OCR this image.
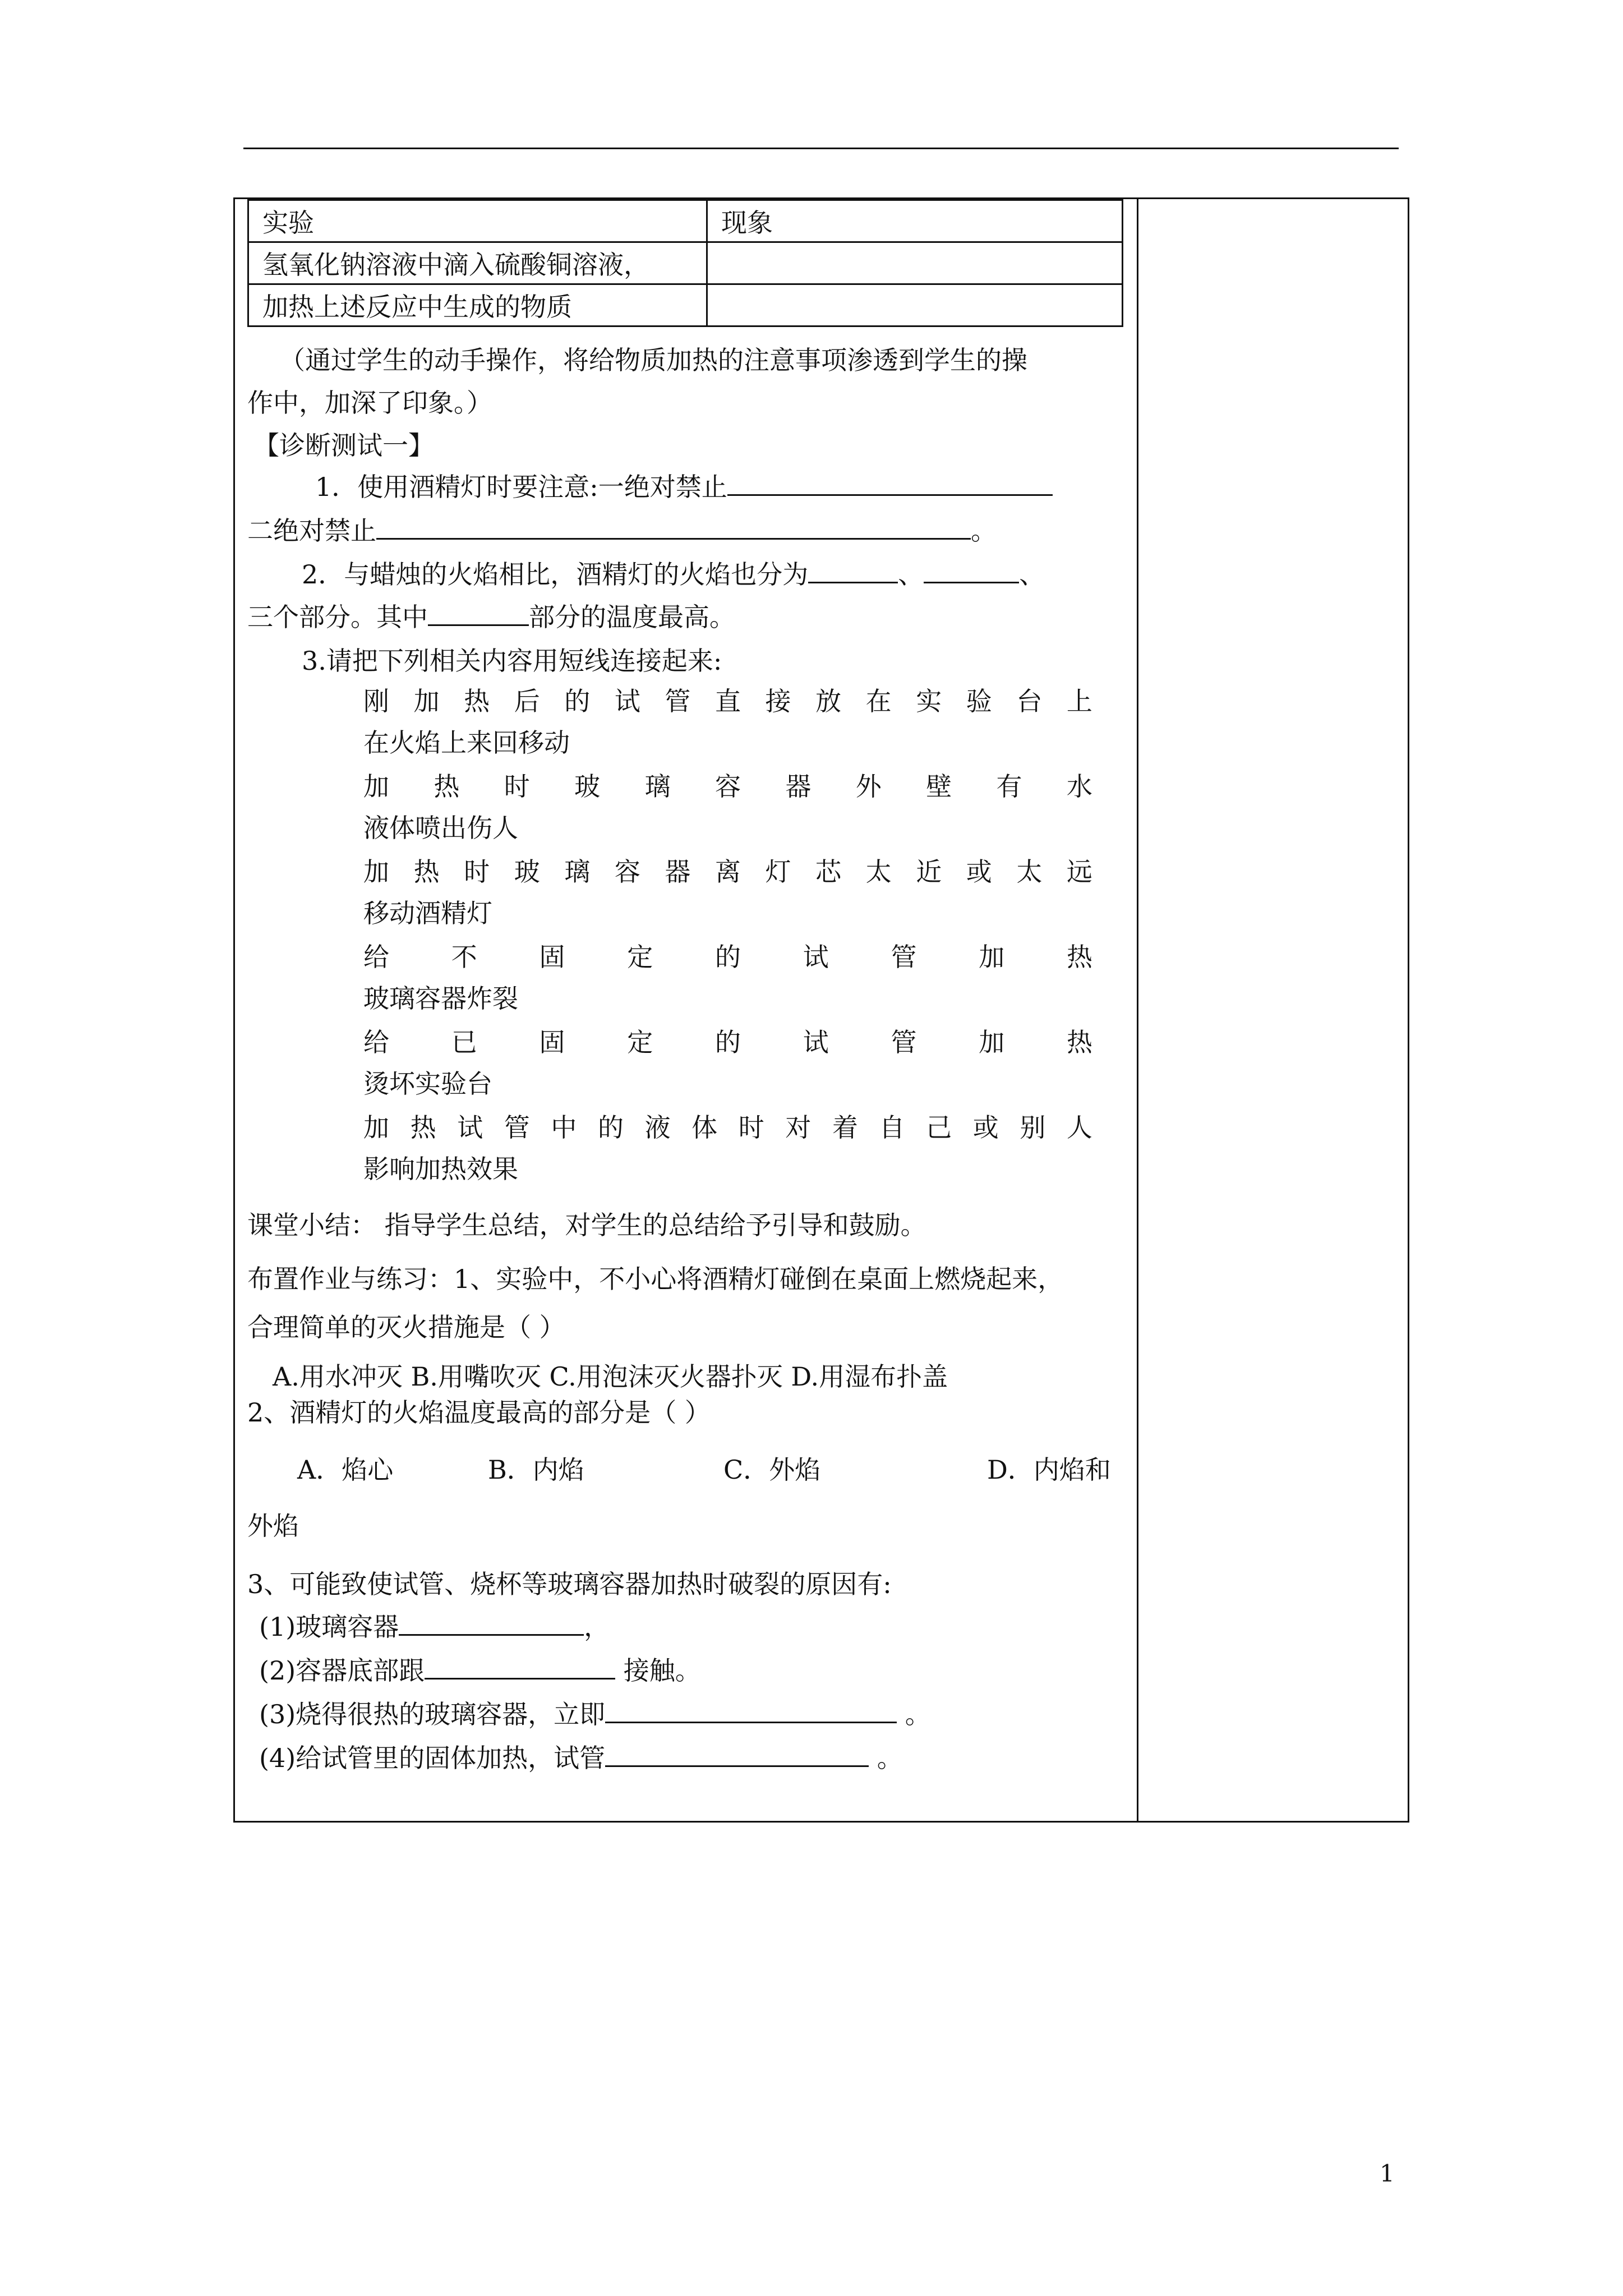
实验	现象
氢氧化钠溶液中滴入硫酸铜溶液，	
加热上述反应中生成的物质	
（通过学生的动手操作，将给物质加热的注意事项渗透到学生的操
作中，加深了印象。）
【诊断测试一】
1．使用酒精灯时要注意:一绝对禁止
二绝对禁止	。
2．与蜡烛的火焰相比，酒精灯的火焰也分为	、	、
三个部分。其中	部分的温度最高。
3.请把下列相关内容用短线连接起来:
刚 加 热 后 的 试 管 直 接 放 在 实 验 台 上
在火焰上来回移动
加 热 时 玻 璃 容 器 外 壁 有 水
液体喷出伤人
加 热 时 玻 璃 容 器 离 灯 芯 太 近 或 太 远
移动酒精灯
给 不 固 定 的 试 管 加 热
玻璃容器炸裂
给 已 固 定 的 试 管 加 热
烫坏实验台
加 热 试 管 中 的 液 体 时 对 着 自 己 或 别 人
影响加热效果
课堂小结： 指导学生总结，对学生的总结给予引导和鼓励。
布置作业与练习：1、实验中，不小心将酒精灯碰倒在桌面上燃烧起来，
合理简单的灭火措施是（ ）
A.用水冲灭 B.用嘴吹灭 C.用泡沫灭火器扑灭 D.用湿布扑盖
2、酒精灯的火焰温度最高的部分是（ ）
A．焰心	B．内焰	C．外焰	D．内焰和
外焰
3、可能致使试管、烧杯等玻璃容器加热时破裂的原因有:
(1)玻璃容器	，
(2)容器底部跟	接触。
(3)烧得很热的玻璃容器，立即	。
(4)给试管里的固体加热，试管	。
1
